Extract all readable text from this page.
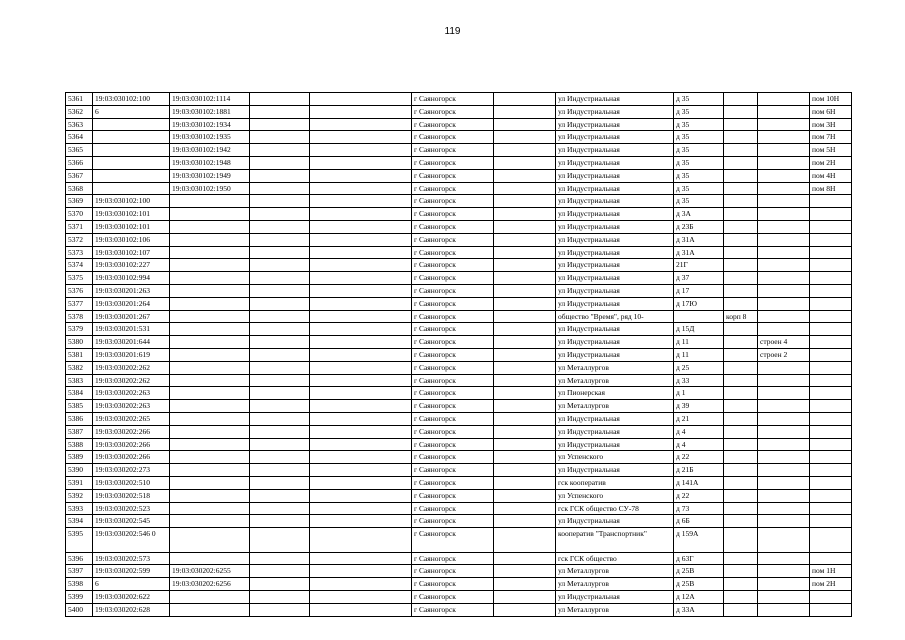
119
5361	19:03:030102:100	19:03:030102:1114			г Саяногорск		ул Индустриальная	д 35			пом 10Н
5362	6	19:03:030102:1881			г Саяногорск		ул Индустриальная	д 35			пом 6Н
5363		19:03:030102:1934			г Саяногорск		ул Индустриальная	д 35			пом 3Н
5364		19:03:030102:1935			г Саяногорск		ул Индустриальная	д 35			пом 7Н
5365		19:03:030102:1942			г Саяногорск		ул Индустриальная	д 35			пом 5Н
5366		19:03:030102:1948			г Саяногорск		ул Индустриальная	д 35			пом 2Н
5367		19:03:030102:1949			г Саяногорск		ул Индустриальная	д 35			пом 4Н
5368		19:03:030102:1950			г Саяногорск		ул Индустриальная	д 35			пом 8Н
5369	19:03:030102:100				г Саяногорск		ул Индустриальная	д 35			
5370	19:03:030102:101				г Саяногорск		ул Индустриальная	д 3А			
5371	19:03:030102:101				г Саяногорск		ул Индустриальная	д 23Б			
5372	19:03:030102:106				г Саяногорск		ул Индустриальная	д 31А			
5373	19:03:030102:107				г Саяногорск		ул Индустриальная	д 31А			
5374	19:03:030102:227				г Саяногорск		ул Индустриальная	21Г			
5375	19:03:030102:994				г Саяногорск		ул Индустриальная	д 37			
5376	19:03:030201:263				г Саяногорск		ул Индустриальная	д 17			
5377	19:03:030201:264				г Саяногорск		ул Индустриальная	д 17Ю			
5378	19:03:030201:267				г Саяногорск		общество "Время", ряд 10-		корп 8		
5379	19:03:030201:531				г Саяногорск		ул Индустриальная	д 15Д			
5380	19:03:030201:644				г Саяногорск		ул Индустриальная	д 11		строен 4	
5381	19:03:030201:619				г Саяногорск		ул Индустриальная	д 11		строен 2	
5382	19:03:030202:262				г Саяногорск		ул Металлургов	д 25			
5383	19:03:030202:262				г Саяногорск		ул Металлургов	д 33			
5384	19:03:030202:263				г Саяногорск		ул Пионерская	д 1			
5385	19:03:030202:263				г Саяногорск		ул Металлургов	д 39			
5386	19:03:030202:265				г Саяногорск		ул Индустриальная	д 21			
5387	19:03:030202:266				г Саяногорск		ул Индустриальная	д 4			
5388	19:03:030202:266				г Саяногорск		ул Индустриальная	д 4			
5389	19:03:030202:266				г Саяногорск		ул Успенского	д 22			
5390	19:03:030202:273				г Саяногорск		ул Индустриальная	д 21Б			
5391	19:03:030202:510				г Саяногорск		гск кооператив	д 141А			
5392	19:03:030202:518				г Саяногорск		ул Успенского	д 22			
5393	19:03:030202:523				г Саяногорск		гск ГСК общество СУ-78	д 73			
5394	19:03:030202:545				г Саяногорск		ул Индустриальная	д 6Б			
5395	19:03:030202:546 0				г Саяногорск		кооператив "Транспортник"	д 159А			
5396	19:03:030202:573				г Саяногорск		гск ГСК общество	д 63Г			
5397	19:03:030202:599	19:03:030202:6255			г Саяногорск		ул Металлургов	д 25В			пом 1Н
5398	6	19:03:030202:6256			г Саяногорск		ул Металлургов	д 25В			пом 2Н
5399	19:03:030202:622				г Саяногорск		ул Индустриальная	д 12А			
5400	19:03:030202:628				г Саяногорск		ул Металлургов	д 33А			
